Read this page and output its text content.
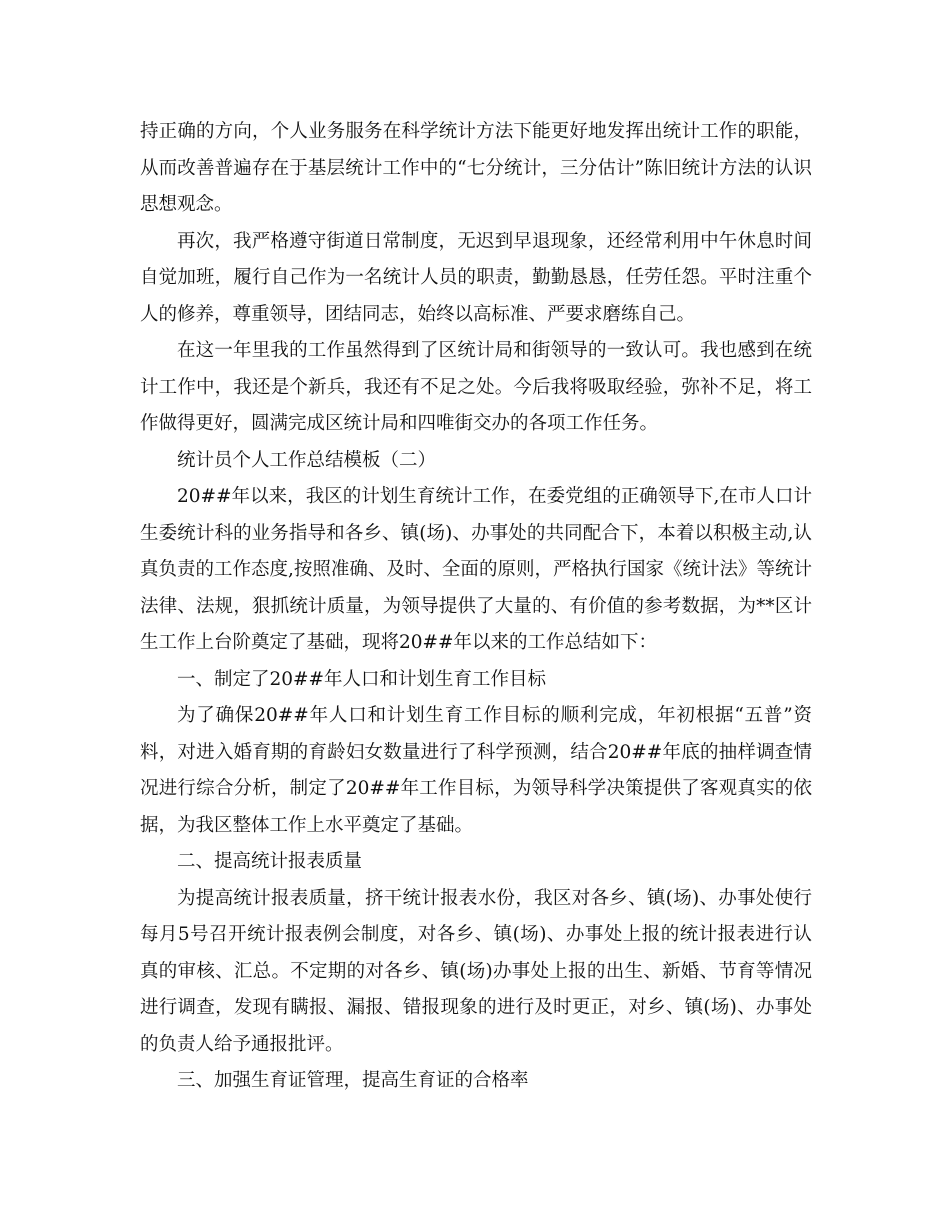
持正确的方向，个人业务服务在科学统计方法下能更好地发挥出统计工作的职能，从而改善普遍存在于基层统计工作中的“七分统计，三分估计”陈旧统计方法的认识思想观念。

再次，我严格遵守街道日常制度，无迟到早退现象，还经常利用中午休息时间自觉加班，履行自己作为一名统计人员的职责，勤勤恳恳，任劳任怨。平时注重个人的修养，尊重领导，团结同志，始终以高标准、严要求磨练自己。

在这一年里我的工作虽然得到了区统计局和街领导的一致认可。我也感到在统计工作中，我还是个新兵，我还有不足之处。今后我将吸取经验，弥补不足，将工作做得更好，圆满完成区统计局和四唯街交办的各项工作任务。

统计员个人工作总结模板（二）

20##年以来，我区的计划生育统计工作，在委党组的正确领导下,在市人口计生委统计科的业务指导和各乡、镇(场)、办事处的共同配合下，本着以积极主动,认真负责的工作态度,按照准确、及时、全面的原则，严格执行国家《统计法》等统计法律、法规，狠抓统计质量，为领导提供了大量的、有价值的参考数据，为**区计生工作上台阶奠定了基础，现将20##年以来的工作总结如下：

一、制定了20##年人口和计划生育工作目标

为了确保20##年人口和计划生育工作目标的顺利完成，年初根据“五普”资料，对进入婚育期的育龄妇女数量进行了科学预测，结合20##年底的抽样调查情况进行综合分析，制定了20##年工作目标，为领导科学决策提供了客观真实的依据，为我区整体工作上水平奠定了基础。

二、提高统计报表质量

为提高统计报表质量，挤干统计报表水份，我区对各乡、镇(场)、办事处使行每月5号召开统计报表例会制度，对各乡、镇(场)、办事处上报的统计报表进行认真的审核、汇总。不定期的对各乡、镇(场)办事处上报的出生、新婚、节育等情况进行调查，发现有瞒报、漏报、错报现象的进行及时更正，对乡、镇(场)、办事处的负责人给予通报批评。

三、加强生育证管理，提高生育证的合格率
